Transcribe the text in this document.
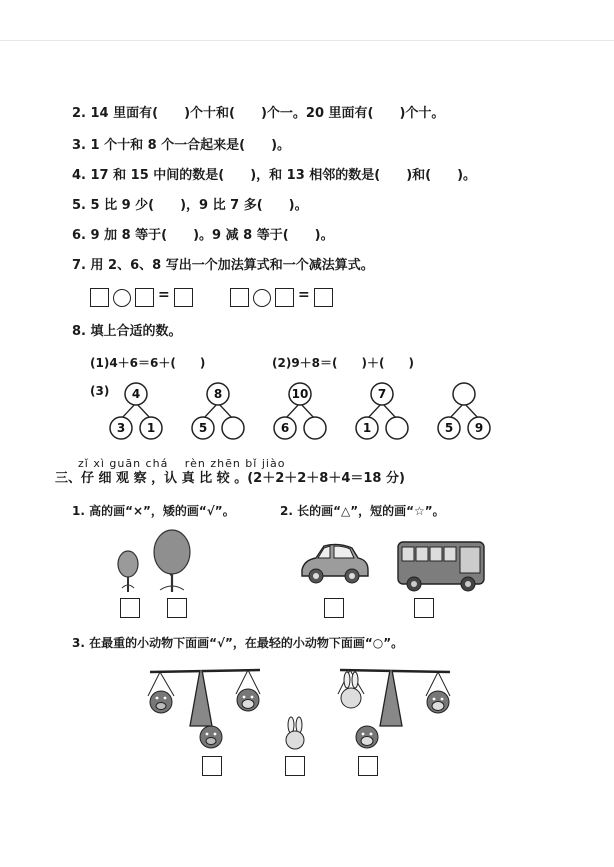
2. 14 里面有(　　)个十和(　　)个一。20 里面有(　　)个十。
3. 1 个十和 8 个一合起来是(　　)。
4. 17 和 15 中间的数是(　　)，和 13 相邻的数是(　　)和(　　)。
5. 5 比 9 少(　　)，9 比 7 多(　　)。
6. 9 加 8 等于(　　)。9 减 8 等于(　　)。
7. 用 2、6、8 写出一个加法算式和一个减法算式。
=	=
8. 填上合适的数。
(1)4＋6＝6＋(　　)	(2)9＋8＝(　　)＋(　　)
(3) 4
3 1
8
5
10
6
7
1	5 9
zǐ xì guān chá　 rèn zhēn bǐ jiào
三、仔 细 观 察 ，认 真 比 较 。(2＋2＋2＋8＋4＝18 分)
1. 高的画“×”，矮的画“√”。	2. 长的画“△”，短的画“☆”。
3. 在最重的小动物下面画“√”，在最轻的小动物下面画“○”。
